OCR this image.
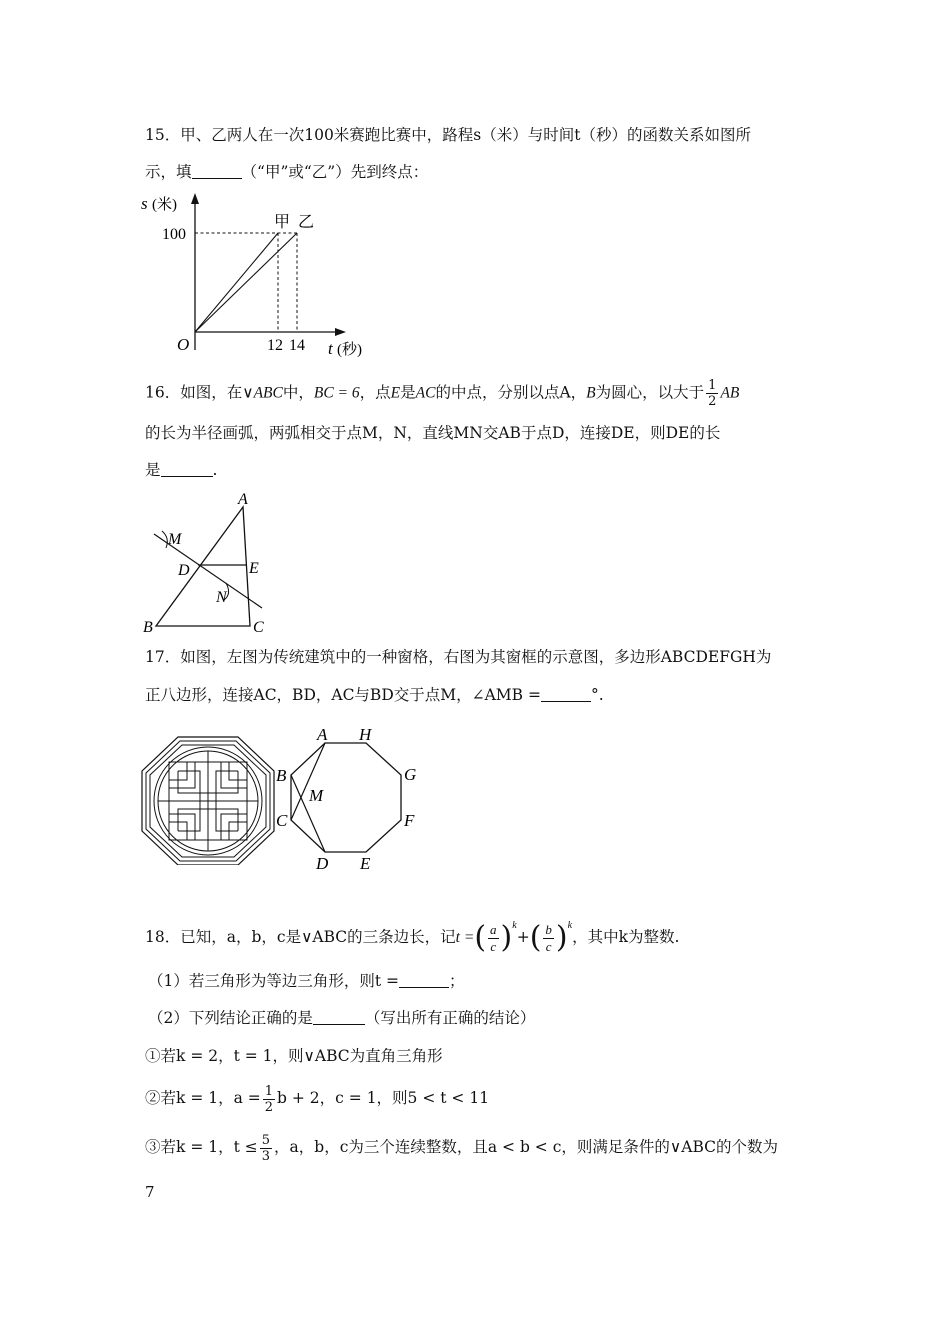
15．甲、乙两人在一次100米赛跑比赛中，路程s（米）与时间t（秒）的函数关系如图所
示，填	（“甲”或“乙”）先到终点：
s (米)
100
O	12 14 t (秒)
甲 乙
16．如图，在∨ABC中，BC = 6，点E是AC的中点，分别以点A，B为圆心，以大于 $\frac{1}{2}$ AB
的长为半径画弧，两弧相交于点M，N，直线MN交AB于点D，连接DE，则DE的长
是	.
A
B	C
D	E
M
N
17．如图，左图为传统建筑中的一种窗格，右图为其窗框的示意图，多边形ABCDEFGH为
正八边形，连接AC，BD，AC与BD交于点M，∠AMB =	°.
A H
B	G
M
C	F
D E
18．已知，a，b，c是∨ABC的三条边长，记t =( $\frac{a}{c} )^k+( \frac{b}{c} )^k$，其中k为整数.
（1）若三角形为等边三角形，则t =	；
（2）下列结论正确的是	（写出所有正确的结论）
①若k = 2，t = 1，则∨ABC为直角三角形
②若k = 1，$a = \frac{1}{2}$ b + 2，c = 1，则5 < t < 11
③若k = 1，$t \le \frac{5}{3}$ ，a，b，c为三个连续整数，且a < b < c，则满足条件的∨ABC的个数为
7
